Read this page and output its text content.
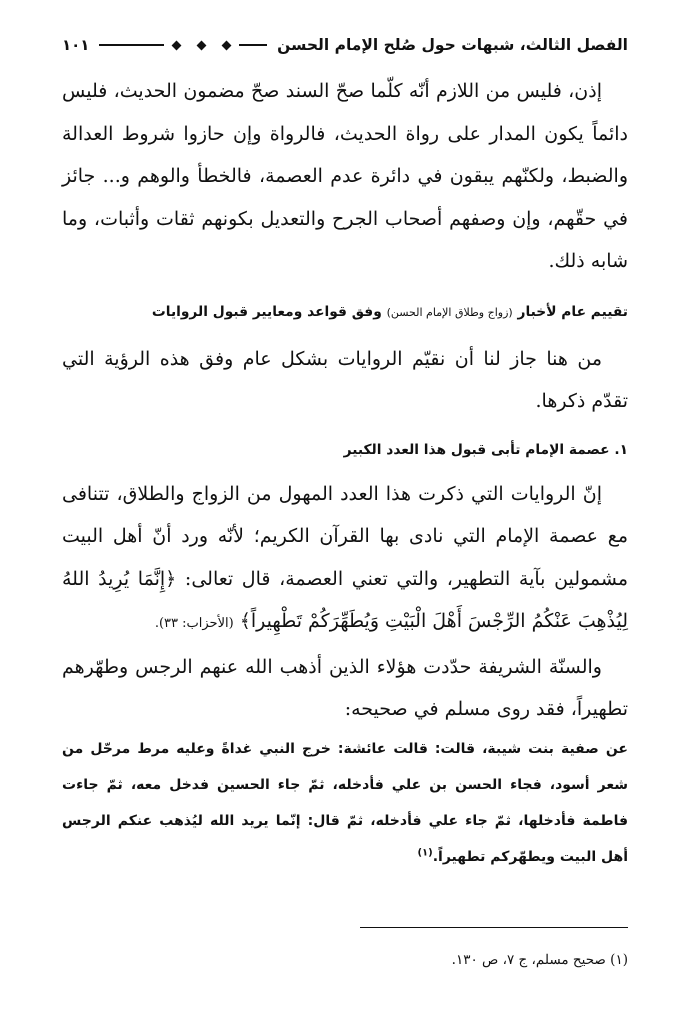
الفصل الثالث، شبهات حول صُلح الإمام الحسن
١٠١

إذن، فليس من اللازم أنّه كلّما صحّ السند صحّ مضمون الحديث، فليس دائماً يكون المدار على رواة الحديث، فالرواة وإن حازوا شروط العدالة والضبط، ولكنّهم يبقون في دائرة عدم العصمة، فالخطأ والوهم و... جائز في حقّهم، وإن وصفهم أصحاب الجرح والتعديل بكونهم ثقات وأثبات، وما شابه ذلك.

تقييم عام لأخبار (زواج وطلاق الإمام الحسن) وفق قواعد ومعايير قبول الروايات

من هنا جاز لنا أن نقيّم الروايات بشكل عام وفق هذه الرؤية التي تقدّم ذكرها.

١. عصمة الإمام تأبى قبول هذا العدد الكبير

إنّ الروايات التي ذكرت هذا العدد المهول من الزواج والطلاق، تتنافى مع عصمة الإمام التي نادى بها القرآن الكريم؛ لأنّه ورد أنّ أهل البيت مشمولين بآية التطهير، والتي تعني العصمة، قال تعالى: ﴿إِنَّمَا يُرِيدُ اللهُ لِيُذْهِبَ عَنْكُمُ الرِّجْسَ أَهْلَ الْبَيْتِ وَيُطَهِّرَكُمْ تَطْهِيراً﴾ (الأحزاب: ٣٣).

والسنّة الشريفة حدّدت هؤلاء الذين أذهب الله عنهم الرجس وطهّرهم تطهيراً، فقد روى مسلم في صحيحه:

عن صفية بنت شيبة، قالت: قالت عائشة: خرج النبي غداةً وعليه مرط مرحّل من شعر أسود، فجاء الحسن بن علي فأدخله، ثمّ جاء الحسين فدخل معه، ثمّ جاءت فاطمة فأدخلها، ثمّ جاء علي فأدخله، ثمّ قال: إنّما يريد الله ليُذهب عنكم الرجس أهل البيت ويطهّركم تطهيراً.$^{(١)}$

(١) صحيح مسلم، ج ٧، ص ١٣٠.
